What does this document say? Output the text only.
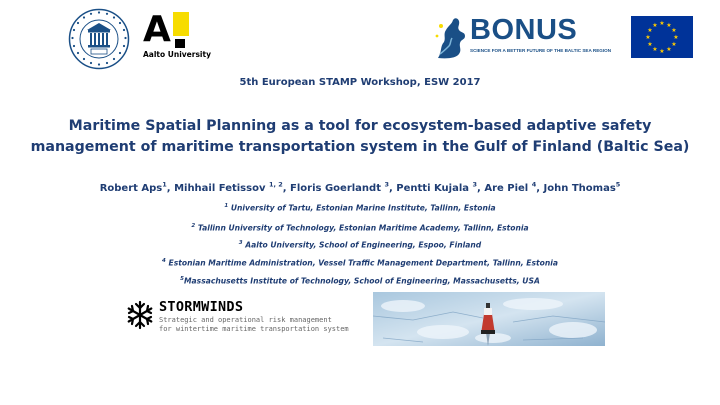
A
Aalto University
BONUS
SCIENCE FOR A BETTER FUTURE OF THE BALTIC SEA REGION
★ ★
★
★
★
★
★
★
★
★
★
★
5th European STAMP Workshop, ESW 2017
Maritime Spatial Planning as a tool for ecosystem-based adaptive safety
management of maritime transportation system in the Gulf of Finland (Baltic Sea)
Robert Aps$^1$, Mihhail Fetissov $^{1, 2}$, Floris Goerlandt $^3$, Pentti Kujala $^3$, Are Piel $^4$, John Thomas$^5$
$^1$ University of Tartu, Estonian Marine Institute, Tallinn, Estonia
$^2$ Tallinn University of Technology, Estonian Maritime Academy, Tallinn, Estonia
$^3$ Aalto University, School of Engineering, Espoo, Finland
$^4$ Estonian Maritime Administration, Vessel Traffic Management Department, Tallinn, Estonia
$^5$Massachusetts Institute of Technology, School of Engineering, Massachusetts, USA
STORMWINDS
Strategic and operational risk management
for wintertime maritime transportation system
